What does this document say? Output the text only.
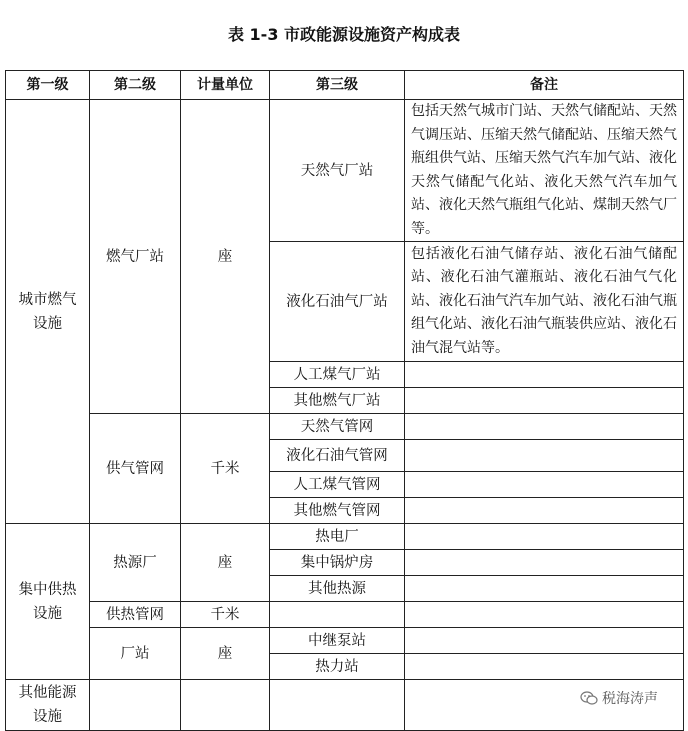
表 1-3 市政能源设施资产构成表
第一级	第二级	计量单位	第三级	备注
城市燃气设施	燃气厂站	座	天然气厂站	包括天然气城市门站、天然气储配站、天然气调压站、压缩天然气储配站、压缩天然气瓶组供气站、压缩天然气汽车加气站、液化天然气储配气化站、液化天然气汽车加气站、液化天然气瓶组气化站、煤制天然气厂等。
			液化石油气厂站	包括液化石油气储存站、液化石油气储配站、液化石油气灌瓶站、液化石油气气化站、液化石油气汽车加气站、液化石油气瓶组气化站、液化石油气瓶装供应站、液化石油气混气站等。
			人工煤气厂站	
			其他燃气厂站	
	供气管网	千米	天然气管网	
			液化石油气管网	
			人工煤气管网	
			其他燃气管网	
集中供热设施	热源厂	座	热电厂	
			集中锅炉房	
			其他热源	
	供热管网	千米		
	厂站	座	中继泵站	
			热力站	
其他能源设施				
税海涛声
